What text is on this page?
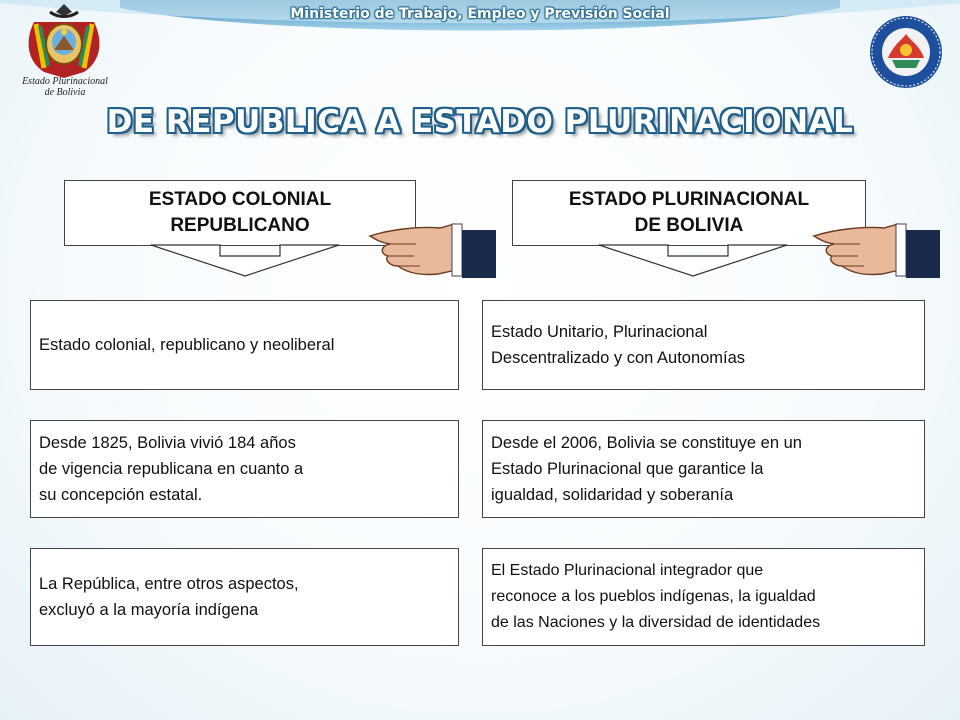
Ministerio de Trabajo, Empleo y Previsión Social
Estado Plurinacional
de Bolivia
DE REPUBLICA A ESTADO PLURINACIONAL
ESTADO COLONIAL
REPUBLICANO
ESTADO PLURINACIONAL
DE BOLIVIA
Estado colonial, republicano y neoliberal
Desde 1825, Bolivia vivió 184 años
de vigencia republicana en cuanto a
su concepción estatal.
La República, entre otros aspectos,
excluyó a la mayoría indígena
Estado Unitario, Plurinacional
Descentralizado y con Autonomías
Desde el 2006, Bolivia se constituye en un
Estado Plurinacional que garantice la
igualdad, solidaridad y soberanía
El Estado Plurinacional integrador que
reconoce a los pueblos indígenas, la igualdad
de las Naciones y la diversidad de identidades
